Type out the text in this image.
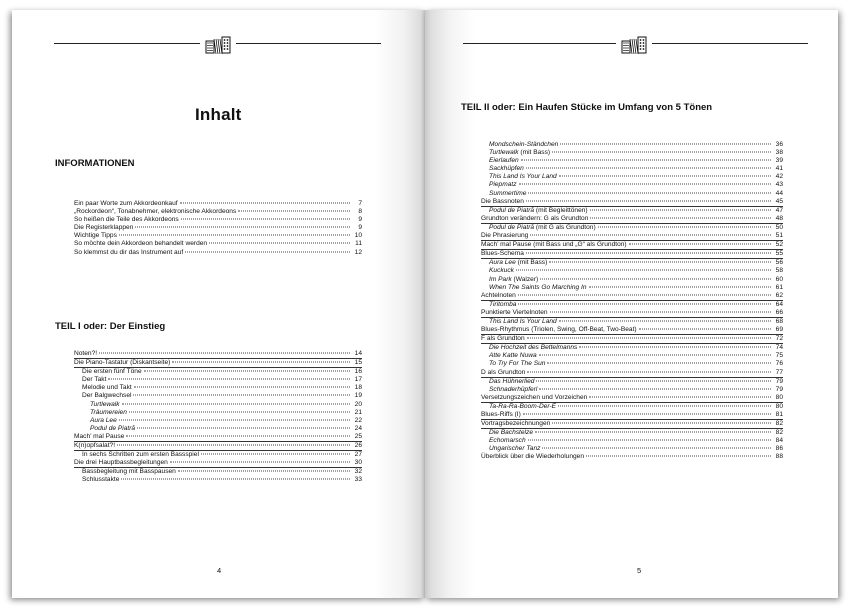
Inhalt
INFORMATIONEN
Ein paar Worte zum Akkordeonkauf	7
„Rockordeon“, Tonabnehmer, elektronische Akkordeons	8
So heißen die Teile des Akkordeons	9
Die Registerklappen	9
Wichtige Tipps	10
So möchte dein Akkordeon behandelt werden	11
So klemmst du dir das Instrument auf	12
TEIL I oder: Der Einstieg
Noten?!	14
Die Piano-Tastatur (Diskantseite)	15
Die ersten fünf Töne	16
Der Takt	17
Melodie und Takt	18
Der Balgwechsel	19
Turtlewalk	20
Träumereien	21
Aura Lee	22
Podul de Piatră	24
Mach’ mal Pause	25
K(n)opfsalat?!	26
In sechs Schritten zum ersten Bassspiel	27
Die drei Hauptbassbegleitungen	30
Bassbegleitung mit Basspausen	32
Schlusstakte	33
4
TEIL II oder: Ein Haufen Stücke im Umfang von 5 Tönen
Mondschein-Ständchen	36
Turtlewalk (mit Bass)	38
Eierlaufen	39
Sackhüpfen	41
This Land Is Your Land	42
Piepmatz	43
Summertime	44
Die Bassnoten	45
Podul de Piatră (mit Begleittönen)	47
Grundton verändern: G als Grundton	48
Podul de Piatră (mit G als Grundton)	50
Die Phrasierung	51
Mach’ mal Pause (mit Bass und „G“ als Grundton)	52
Blues-Schema	55
Aura Lee (mit Bass)	56
Kuckuck	58
Im Park (Walzer)	60
When The Saints Go Marching In	61
Achtelnoten	62
Tiritomba	64
Punktierte Viertelnoten	66
This Land Is Your Land	68
Blues-Rhythmus (Triolen, Swing, Off-Beat, Two-Beat)	69
F als Grundton	72
Die Hochzeit des Bettelmanns	74
Atte Katte Nuwa	75
To Try For The Sun	76
D als Grundton	77
Das Hühnerlied	79
Schnaderhüpferl	79
Versetzungszeichen und Vorzeichen	80
Ta-Ra-Ra-Boom-Der-É	80
Blues-Riffs (I)	81
Vortragsbezeichnungen	82
Die Bachstelze	82
Echomarsch	84
Ungarischer Tanz	86
Überblick über die Wiederholungen	88
5
